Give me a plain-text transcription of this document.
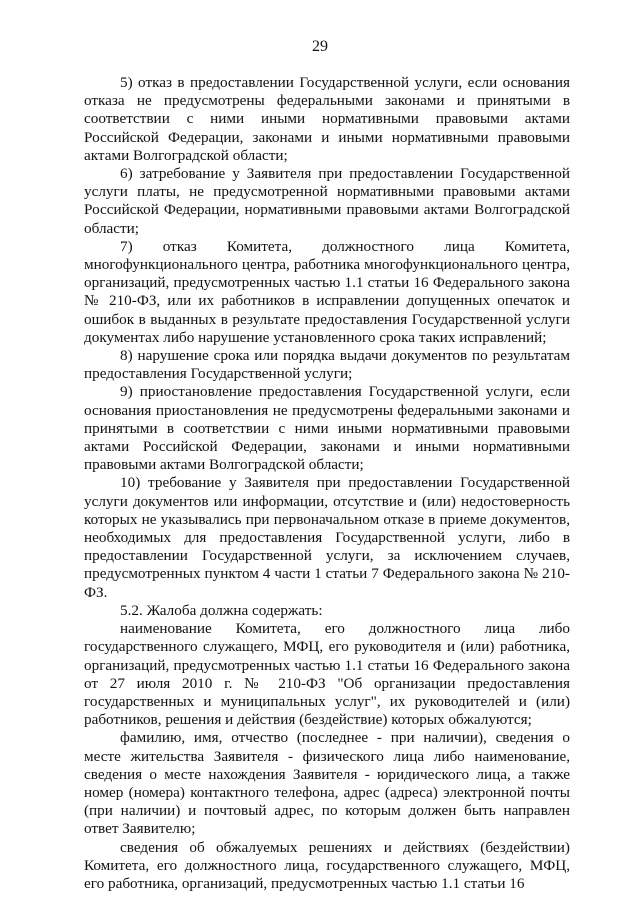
29

5) отказ в предоставлении Государственной услуги, если основания отказа не предусмотрены федеральными законами и принятыми в соответствии с ними иными нормативными правовыми актами Российской Федерации, законами и иными нормативными правовыми актами Волгоградской области;

6) затребование у Заявителя при предоставлении Государственной услуги платы, не предусмотренной нормативными правовыми актами Российской Федерации, нормативными правовыми актами Волгоградской области;

7) отказ Комитета, должностного лица Комитета, многофункционального центра, работника многофункционального центра, организаций, предусмотренных частью 1.1 статьи 16 Федерального закона № 210-ФЗ, или их работников в исправлении допущенных опечаток и ошибок в выданных в результате предоставления Государственной услуги документах либо нарушение установленного срока таких исправлений;

8) нарушение срока или порядка выдачи документов по результатам предоставления Государственной услуги;

9) приостановление предоставления Государственной услуги, если основания приостановления не предусмотрены федеральными законами и принятыми в соответствии с ними иными нормативными правовыми актами Российской Федерации, законами и иными нормативными правовыми актами Волгоградской области;

10) требование у Заявителя при предоставлении Государственной услуги документов или информации, отсутствие и (или) недостоверность которых не указывались при первоначальном отказе в приеме документов, необходимых для предоставления Государственной услуги, либо в предоставлении Государственной услуги, за исключением случаев, предусмотренных пунктом 4 части 1 статьи 7 Федерального закона № 210-ФЗ.

5.2. Жалоба должна содержать:

наименование Комитета, его должностного лица либо государственного служащего, МФЦ, его руководителя и (или) работника, организаций, предусмотренных частью 1.1 статьи 16 Федерального закона от 27 июля 2010 г. № 210-ФЗ "Об организации предоставления государственных и муниципальных услуг", их руководителей и (или) работников, решения и действия (бездействие) которых обжалуются;

фамилию, имя, отчество (последнее - при наличии), сведения о месте жительства Заявителя - физического лица либо наименование, сведения о месте нахождения Заявителя - юридического лица, а также номер (номера) контактного телефона, адрес (адреса) электронной почты (при наличии) и почтовый адрес, по которым должен быть направлен ответ Заявителю;

сведения об обжалуемых решениях и действиях (бездействии) Комитета, его должностного лица, государственного служащего, МФЦ, его работника, организаций, предусмотренных частью 1.1 статьи 16
